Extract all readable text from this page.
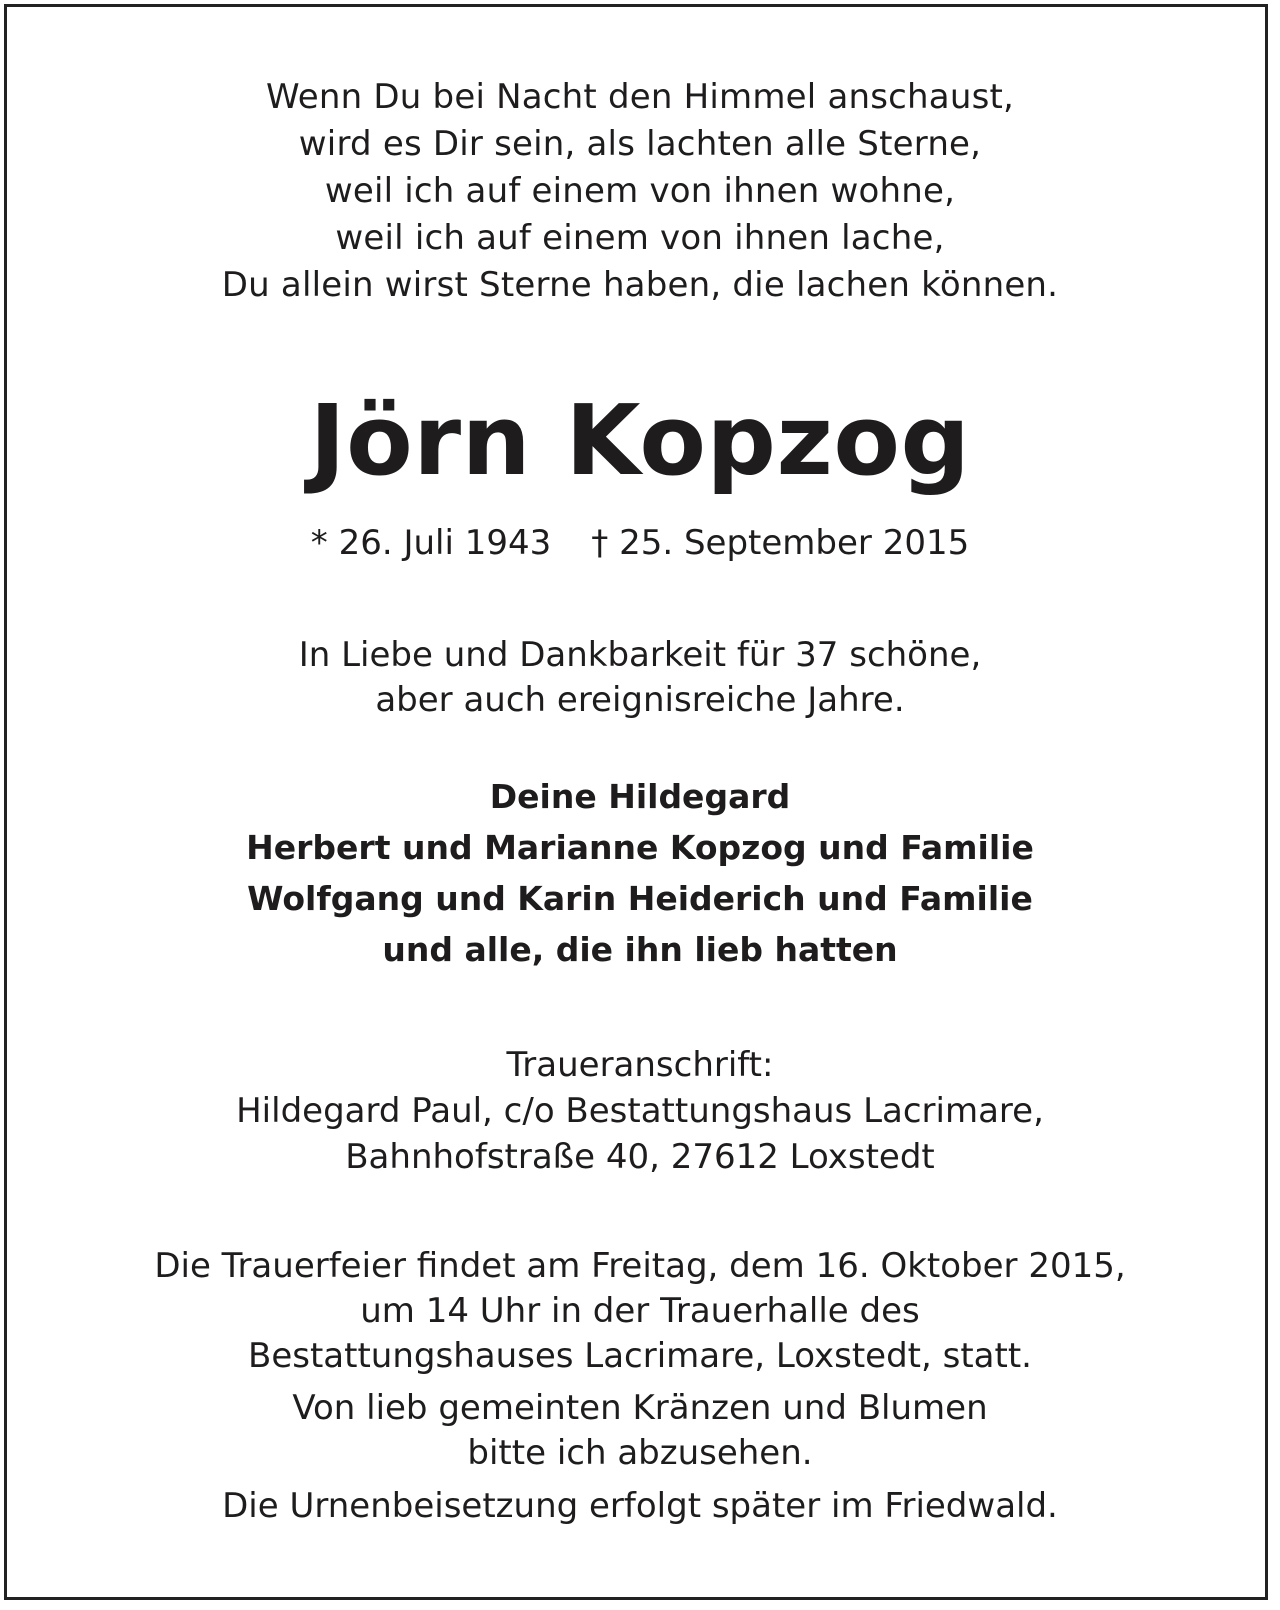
Wenn Du bei Nacht den Himmel anschaust,
wird es Dir sein, als lachten alle Sterne,
weil ich auf einem von ihnen wohne,
weil ich auf einem von ihnen lache,
Du allein wirst Sterne haben, die lachen können.
Jörn Kopzog
* 26. Juli 1943 † 25. September 2015
In Liebe und Dankbarkeit für 37 schöne,
aber auch ereignisreiche Jahre.
Deine Hildegard
Herbert und Marianne Kopzog und Familie
Wolfgang und Karin Heiderich und Familie
und alle, die ihn lieb hatten
Traueranschrift:
Hildegard Paul, c/o Bestattungshaus Lacrimare,
Bahnhofstraße 40, 27612 Loxstedt
Die Trauerfeier findet am Freitag, dem 16. Oktober 2015,
um 14 Uhr in der Trauerhalle des
Bestattungshauses Lacrimare, Loxstedt, statt.
Von lieb gemeinten Kränzen und Blumen
bitte ich abzusehen.
Die Urnenbeisetzung erfolgt später im Friedwald.
